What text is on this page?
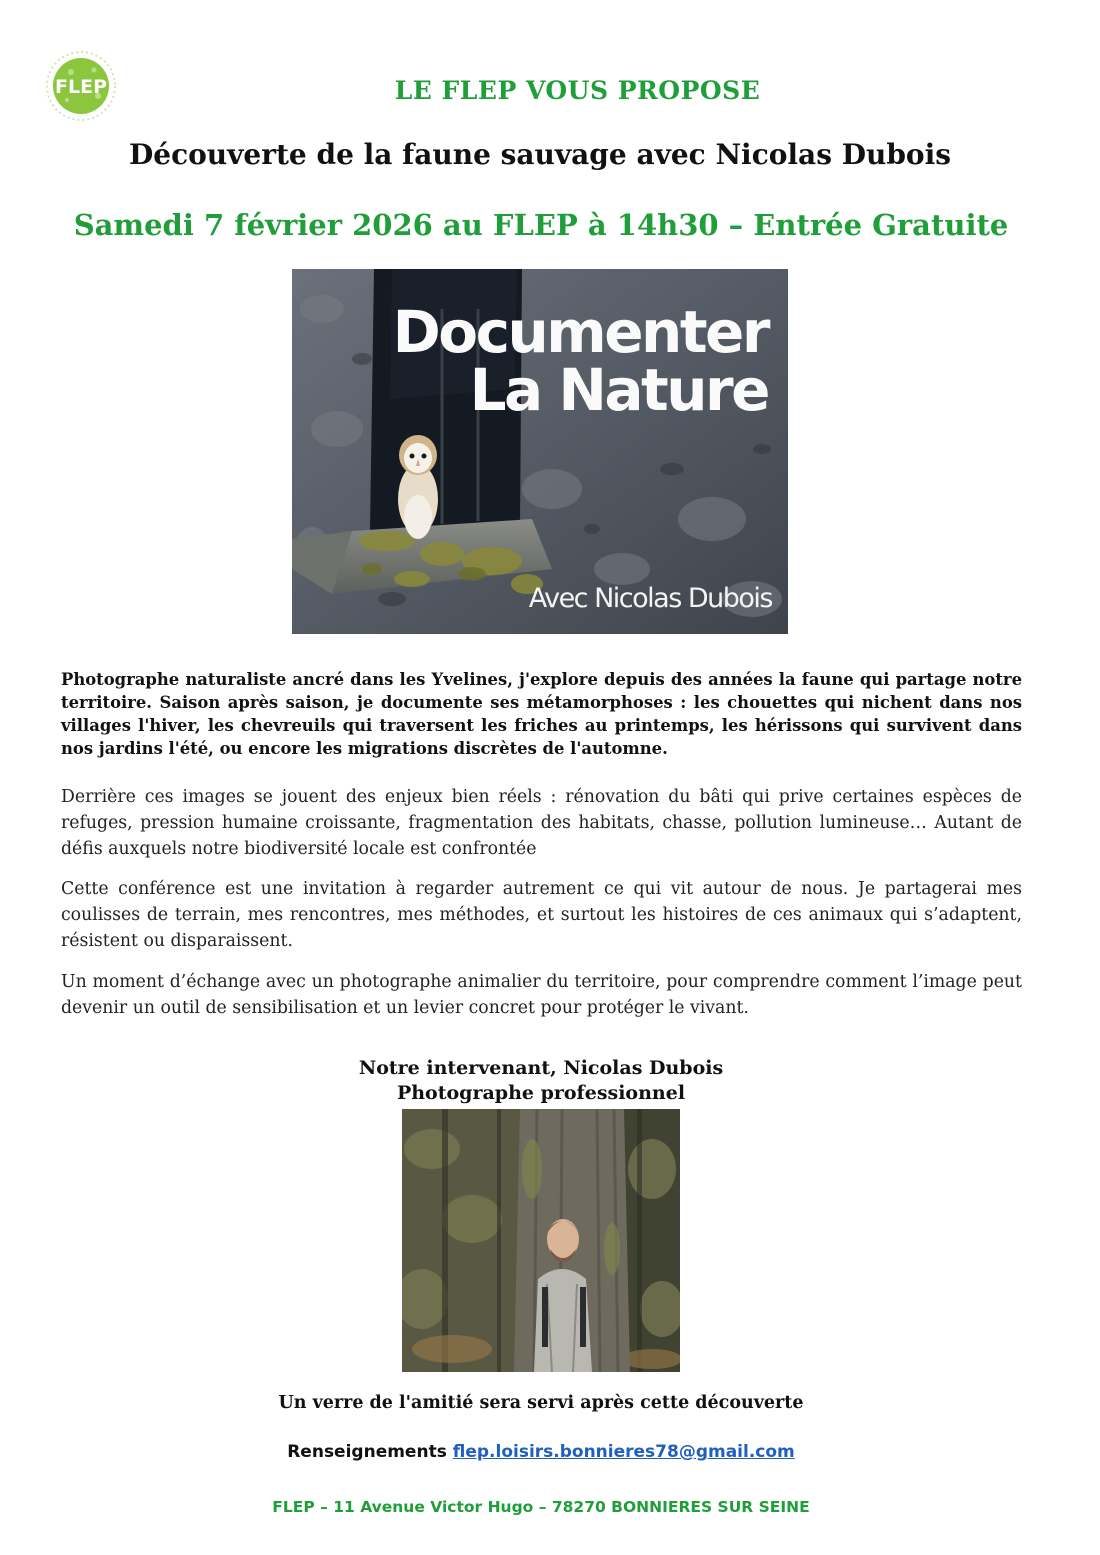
FLEP	LE FLEP VOUS PROPOSE
Découverte de la faune sauvage avec Nicolas Dubois
Samedi 7 février 2026 au FLEP à 14h30 – Entrée Gratuite
Documenter
La Nature
Avec Nicolas Dubois
Photographe naturaliste ancré dans les Yvelines, j'explore depuis des années la faune qui partage notre territoire. Saison après saison, je documente ses métamorphoses : les chouettes qui nichent dans nos villages l'hiver, les chevreuils qui traversent les friches au printemps, les hérissons qui survivent dans nos jardins l'été, ou encore les migrations discrètes de l'automne.
Derrière ces images se jouent des enjeux bien réels : rénovation du bâti qui prive certaines espèces de refuges, pression humaine croissante, fragmentation des habitats, chasse, pollution lumineuse… Autant de défis auxquels notre biodiversité locale est confrontée
Cette conférence est une invitation à regarder autrement ce qui vit autour de nous. Je partagerai mes coulisses de terrain, mes rencontres, mes méthodes, et surtout les histoires de ces animaux qui s’adaptent, résistent ou disparaissent.
Un moment d’échange avec un photographe animalier du territoire, pour comprendre comment l’image peut devenir un outil de sensibilisation et un levier concret pour protéger le vivant.
Notre intervenant, Nicolas Dubois
Photographe professionnel
Un verre de l'amitié sera servi après cette découverte
Renseignements flep.loisirs.bonnieres78@gmail.com
FLEP – 11 Avenue Victor Hugo – 78270 BONNIERES SUR SEINE
